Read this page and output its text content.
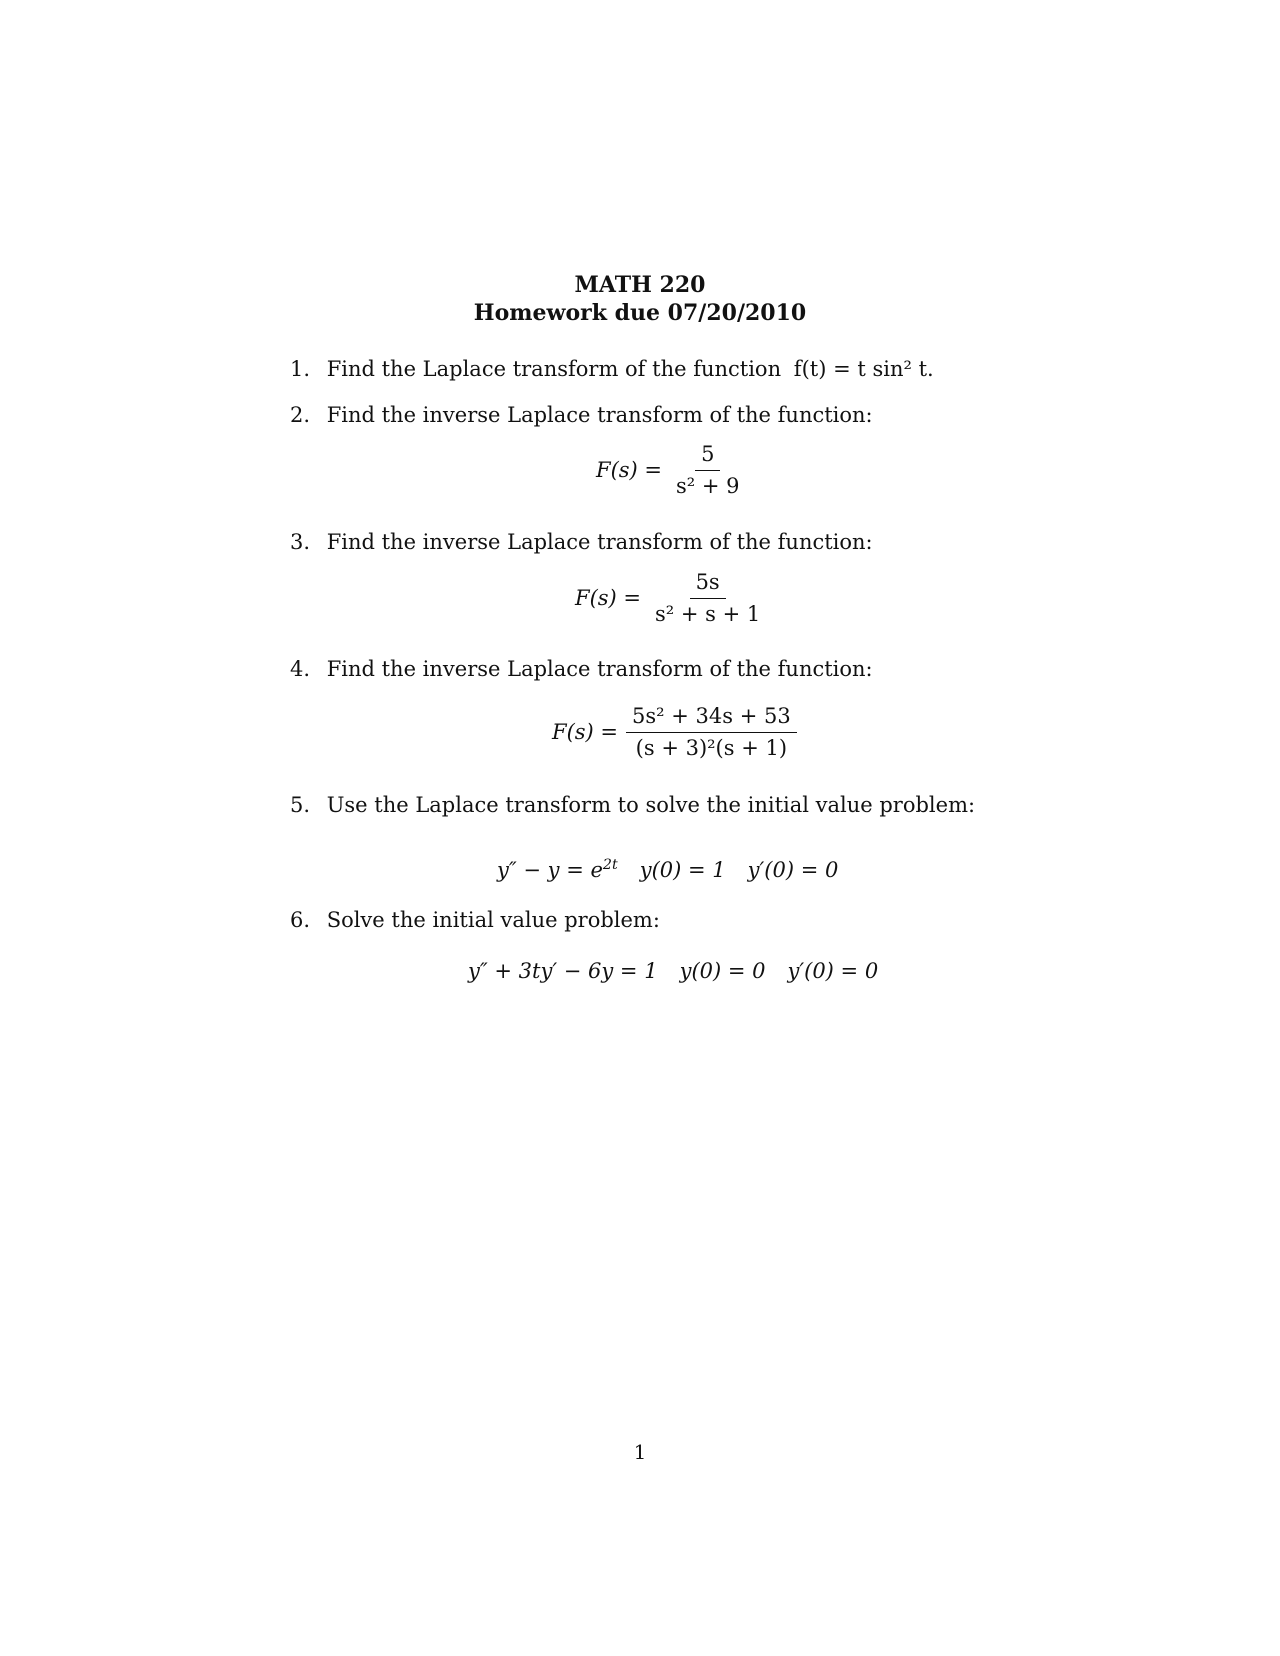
MATH 220
Homework due 07/20/2010
1. Find the Laplace transform of the function f(t) = t sin² t.
2. Find the inverse Laplace transform of the function:
$F(s) = \frac{5}{\text{s² + 9}}$
3. Find the inverse Laplace transform of the function:
$F(s) = \frac{5s}{\text{s² + s + 1}}$
4. Find the inverse Laplace transform of the function:
$F(s) = \frac{\text{5s² + 34s + 53}}{\text{(s + 3)²(s + 1)}}$
5. Use the Laplace transform to solve the initial value problem:
$y'' - y = e^{2t}$ y(0) = 1 y′(0) = 0
6. Solve the initial value problem:
y″ + 3ty′ − 6y = 1 y(0) = 0 y′(0) = 0
1
